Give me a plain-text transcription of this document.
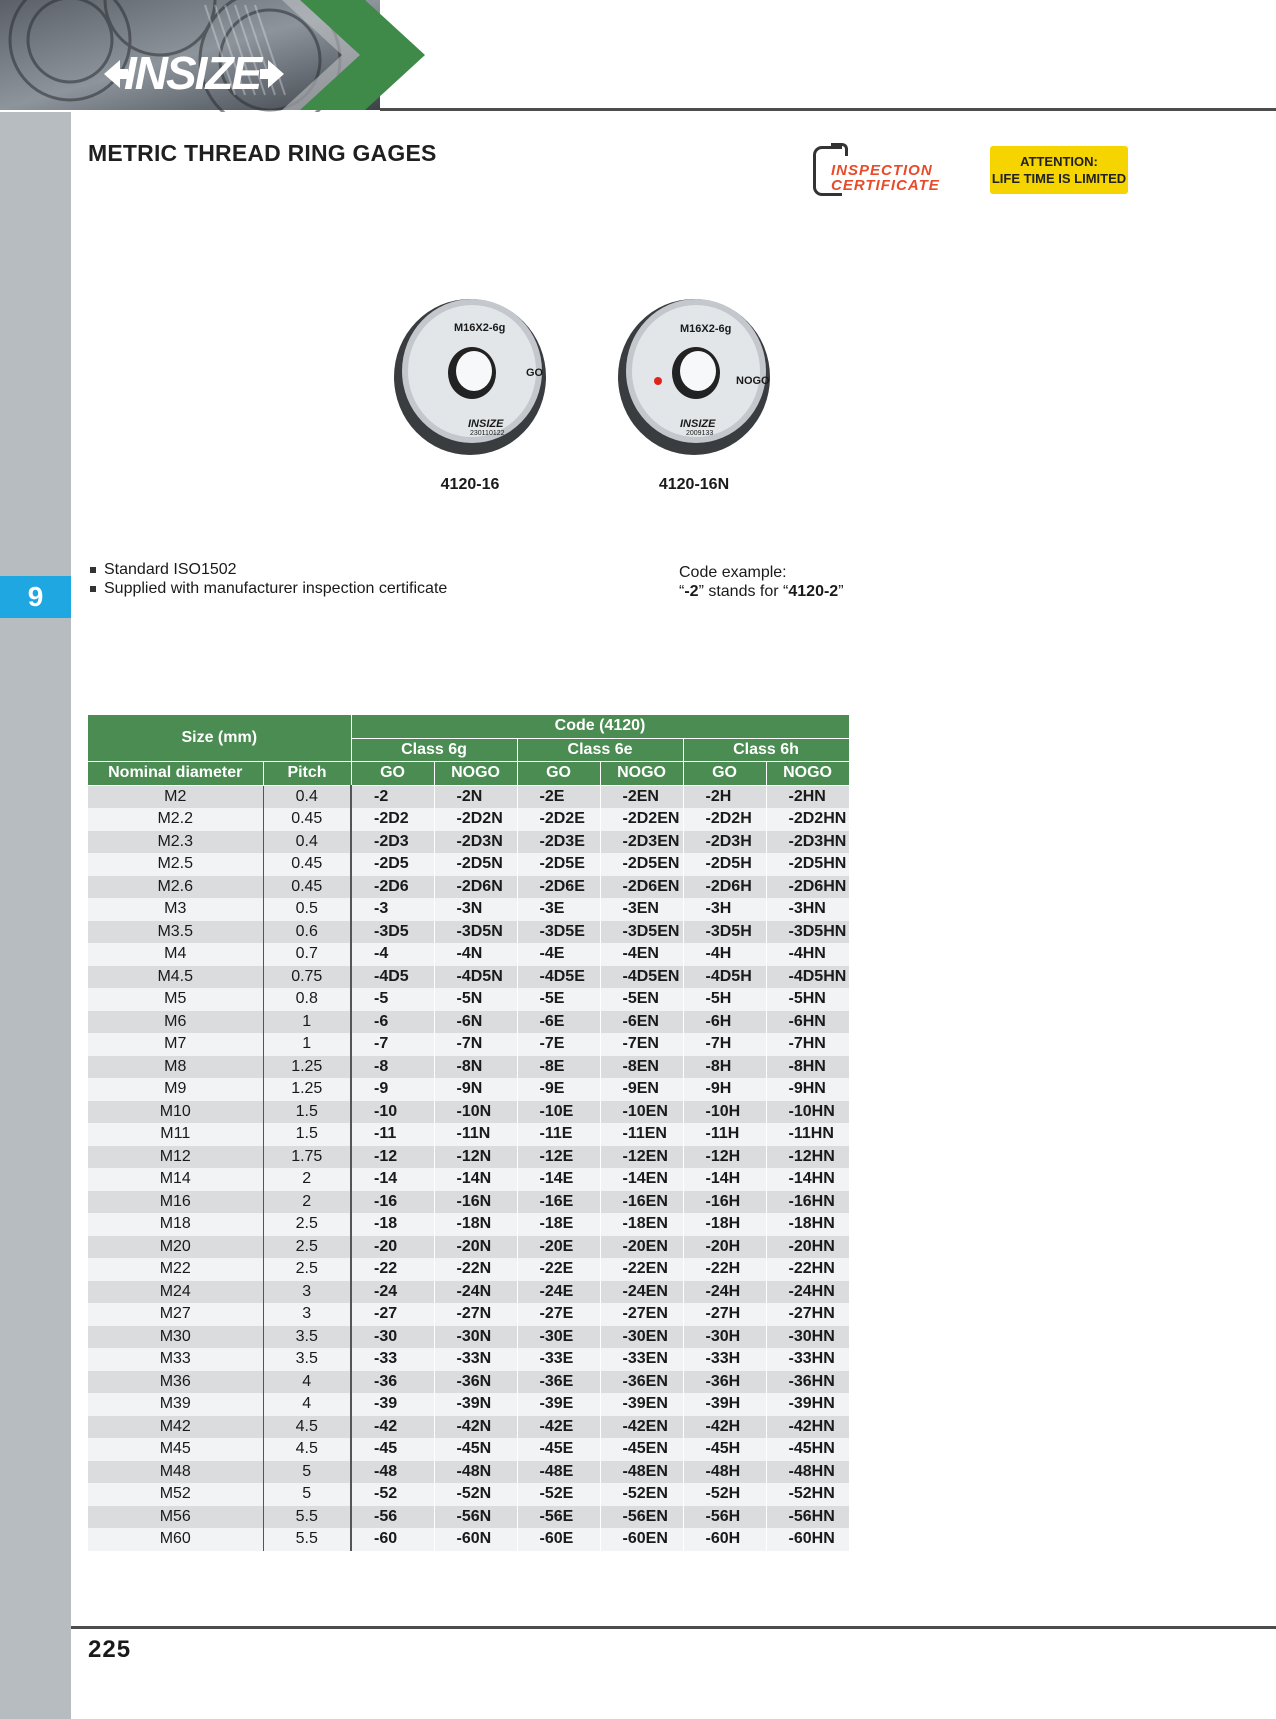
INSIZE
9
METRIC THREAD RING GAGES
INSPECTION
CERTIFICATE
ATTENTION:
LIFE TIME IS LIMITED
M16X2-6g
GO
INSIZE
230110122
4120-16
M16X2-6g
NOGO
INSIZE
2009133
4120-16N
Standard ISO1502
Supplied with manufacturer inspection certificate
Code example:
“-2” stands for “4120-2”
Size (mm)		Code (4120)					
		Class 6g		Class 6e		Class 6h	
Nominal diameter	Pitch	GO	NOGO	GO	NOGO	GO	NOGO
M2	0.4	-2	-2N	-2E	-2EN	-2H	-2HN
M2.2	0.45	-2D2	-2D2N	-2D2E	-2D2EN	-2D2H	-2D2HN
M2.3	0.4	-2D3	-2D3N	-2D3E	-2D3EN	-2D3H	-2D3HN
M2.5	0.45	-2D5	-2D5N	-2D5E	-2D5EN	-2D5H	-2D5HN
M2.6	0.45	-2D6	-2D6N	-2D6E	-2D6EN	-2D6H	-2D6HN
M3	0.5	-3	-3N	-3E	-3EN	-3H	-3HN
M3.5	0.6	-3D5	-3D5N	-3D5E	-3D5EN	-3D5H	-3D5HN
M4	0.7	-4	-4N	-4E	-4EN	-4H	-4HN
M4.5	0.75	-4D5	-4D5N	-4D5E	-4D5EN	-4D5H	-4D5HN
M5	0.8	-5	-5N	-5E	-5EN	-5H	-5HN
M6	1	-6	-6N	-6E	-6EN	-6H	-6HN
M7	1	-7	-7N	-7E	-7EN	-7H	-7HN
M8	1.25	-8	-8N	-8E	-8EN	-8H	-8HN
M9	1.25	-9	-9N	-9E	-9EN	-9H	-9HN
M10	1.5	-10	-10N	-10E	-10EN	-10H	-10HN
M11	1.5	-11	-11N	-11E	-11EN	-11H	-11HN
M12	1.75	-12	-12N	-12E	-12EN	-12H	-12HN
M14	2	-14	-14N	-14E	-14EN	-14H	-14HN
M16	2	-16	-16N	-16E	-16EN	-16H	-16HN
M18	2.5	-18	-18N	-18E	-18EN	-18H	-18HN
M20	2.5	-20	-20N	-20E	-20EN	-20H	-20HN
M22	2.5	-22	-22N	-22E	-22EN	-22H	-22HN
M24	3	-24	-24N	-24E	-24EN	-24H	-24HN
M27	3	-27	-27N	-27E	-27EN	-27H	-27HN
M30	3.5	-30	-30N	-30E	-30EN	-30H	-30HN
M33	3.5	-33	-33N	-33E	-33EN	-33H	-33HN
M36	4	-36	-36N	-36E	-36EN	-36H	-36HN
M39	4	-39	-39N	-39E	-39EN	-39H	-39HN
M42	4.5	-42	-42N	-42E	-42EN	-42H	-42HN
M45	4.5	-45	-45N	-45E	-45EN	-45H	-45HN
M48	5	-48	-48N	-48E	-48EN	-48H	-48HN
M52	5	-52	-52N	-52E	-52EN	-52H	-52HN
M56	5.5	-56	-56N	-56E	-56EN	-56H	-56HN
M60	5.5	-60	-60N	-60E	-60EN	-60H	-60HN
225
